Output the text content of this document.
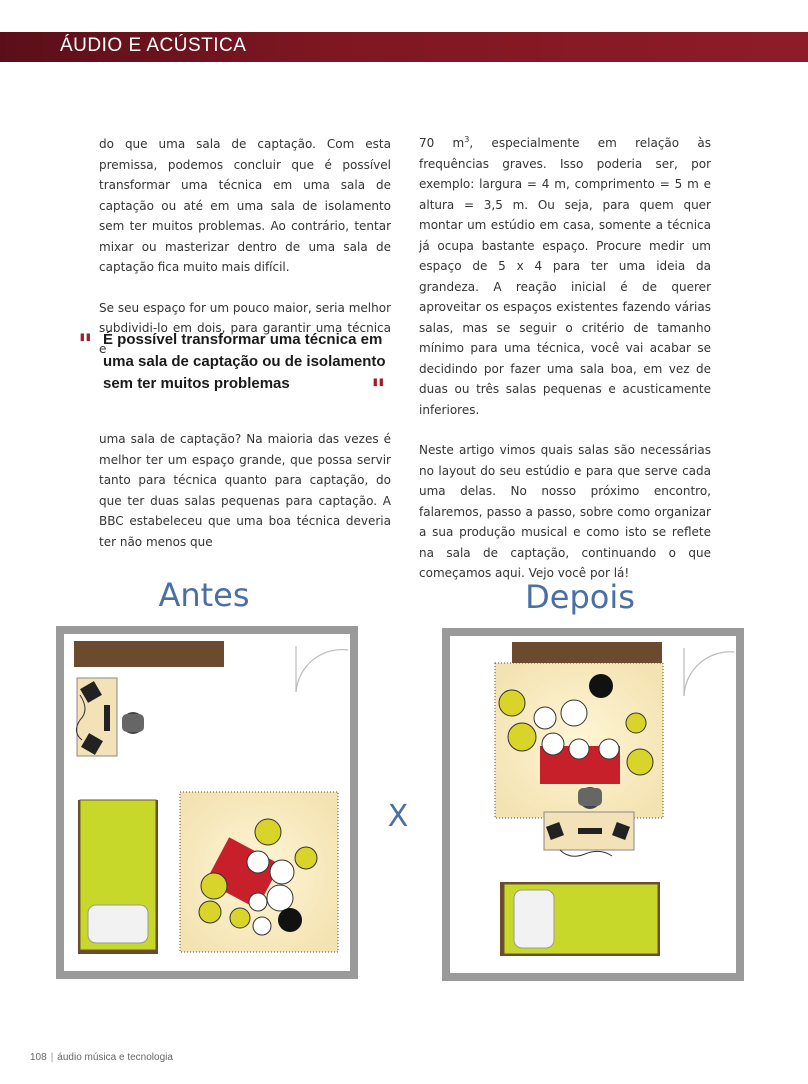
ÁUDIO E ACÚSTICA

do que uma sala de captação. Com esta premissa, podemos concluir que é possível transformar uma técnica em uma sala de captação ou até em uma sala de isolamento sem ter muitos problemas. Ao contrário, tentar mixar ou masterizar dentro de uma sala de captação fica muito mais difícil.

Se seu espaço for um pouco maior, seria melhor subdividi-lo em dois, para garantir uma técnica e

" É possível transformar uma técnica em uma sala de captação ou de isolamento sem ter muitos problemas	"

uma sala de captação? Na maioria das vezes é melhor ter um espaço grande, que possa servir tanto para técnica quanto para captação, do que ter duas salas pequenas para captação. A BBC estabeleceu que uma boa técnica deveria ter não menos que

70 $m^3$, especialmente em relação às frequências graves. Isso poderia ser, por exemplo: largura = 4 m, comprimento = 5 m e altura = 3,5 m. Ou seja, para quem quer montar um estúdio em casa, somente a técnica já ocupa bastante espaço. Procure medir um espaço de 5 x 4 para ter uma ideia da grandeza. A reação inicial é de querer aproveitar os espaços existentes fazendo várias salas, mas se seguir o critério de tamanho mínimo para uma técnica, você vai acabar se decidindo por fazer uma sala boa, em vez de duas ou três salas pequenas e acusticamente inferiores.

Neste artigo vimos quais salas são necessárias no layout do seu estúdio e para que serve cada uma delas. No nosso próximo encontro, falaremos, passo a passo, sobre como organizar a sua produção musical e como isto se reflete na sala de captação, continuando o que começamos aqui. Vejo você por lá!

Antes	Depois
X
108 | áudio música e tecnologia
